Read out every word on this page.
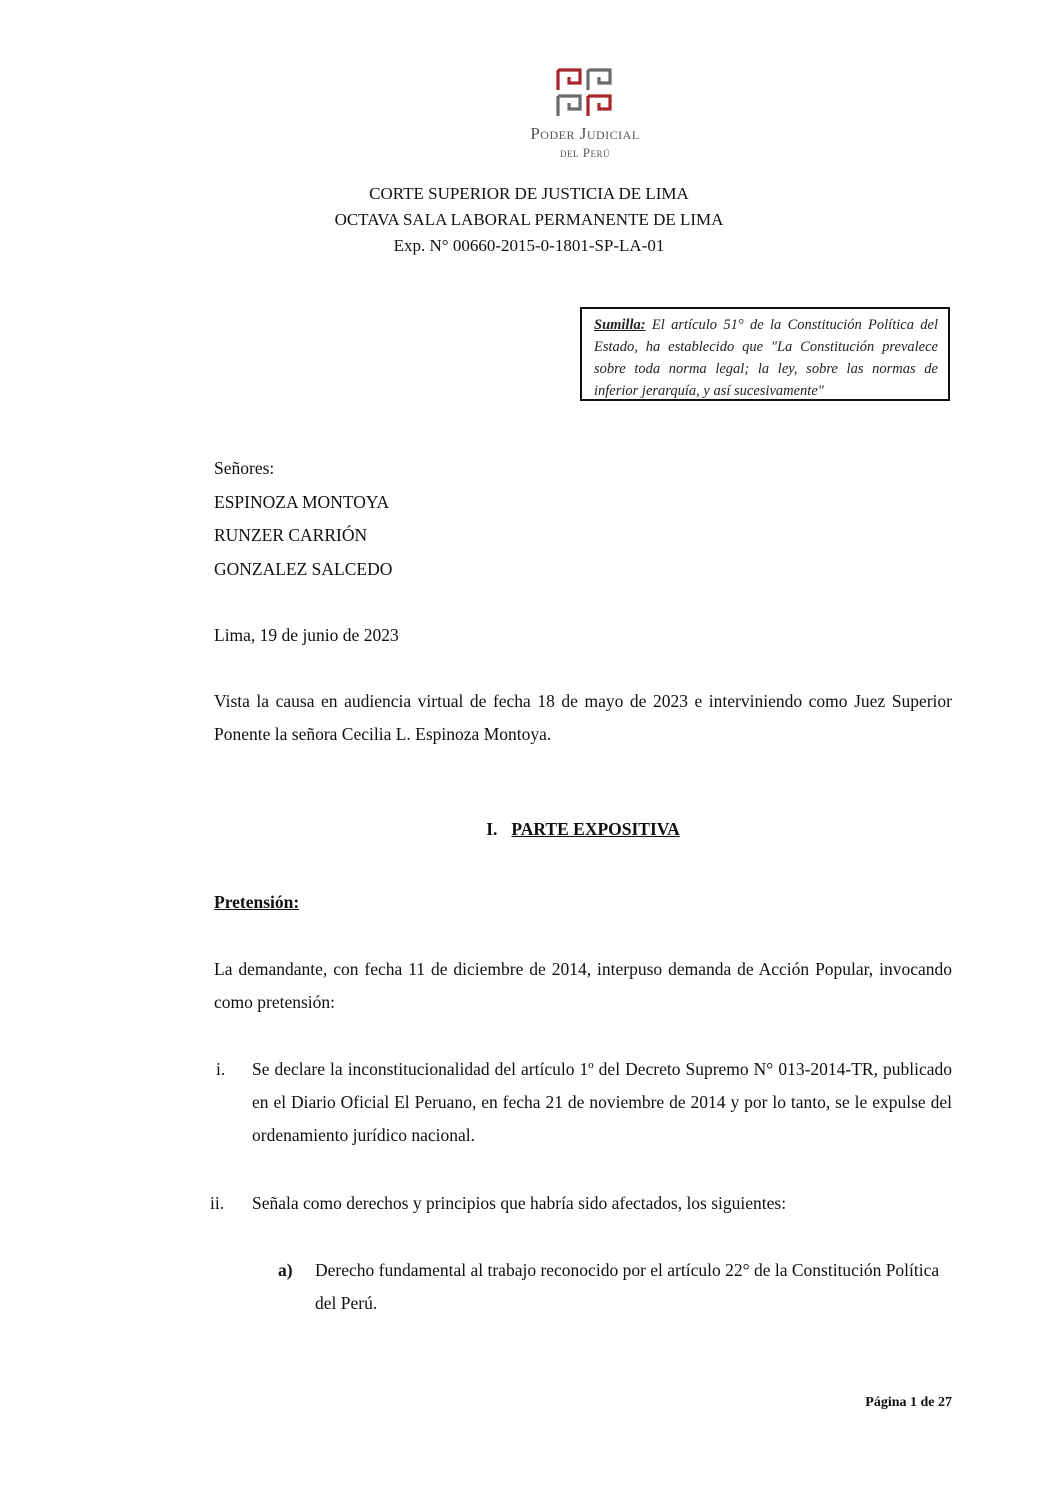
Poder Judicial
del Perú
CORTE SUPERIOR DE JUSTICIA DE LIMA
OCTAVA SALA LABORAL PERMANENTE DE LIMA
Exp. N° 00660-2015-0-1801-SP-LA-01
Sumilla: El artículo 51° de la Constitución Política del Estado, ha establecido que "La Constitución prevalece sobre toda norma legal; la ley, sobre las normas de inferior jerarquía, y así sucesivamente"
Señores:
ESPINOZA MONTOYA
RUNZER CARRIÓN
GONZALEZ SALCEDO
Lima, 19 de junio de 2023
Vista la causa en audiencia virtual de fecha 18 de mayo de 2023 e interviniendo como Juez Superior Ponente la señora Cecilia L. Espinoza Montoya.
I. PARTE EXPOSITIVA
Pretensión:
La demandante, con fecha 11 de diciembre de 2014, interpuso demanda de Acción Popular, invocando como pretensión:
i.	Se declare la inconstitucionalidad del artículo 1º del Decreto Supremo N° 013-2014-TR, publicado en el Diario Oficial El Peruano, en fecha 21 de noviembre de 2014 y por lo tanto, se le expulse del ordenamiento jurídico nacional.
ii.	Señala como derechos y principios que habría sido afectados, los siguientes:
a)	Derecho fundamental al trabajo reconocido por el artículo 22° de la Constitución Política del Perú.
Página 1 de 27
